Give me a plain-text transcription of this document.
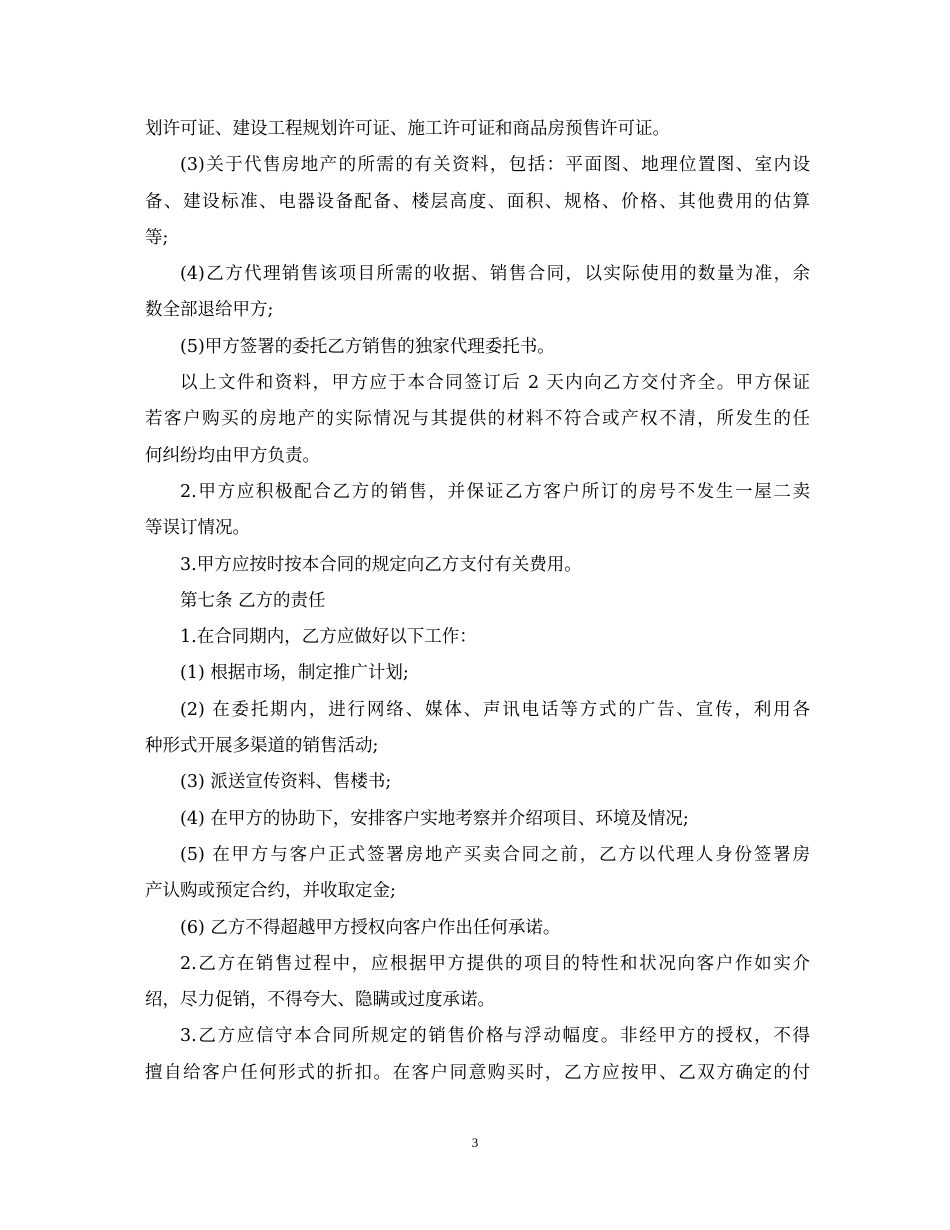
划许可证、建设工程规划许可证、施工许可证和商品房预售许可证。
(3)关于代售房地产的所需的有关资料，包括：平面图、地理位置图、室内设
备、建设标准、电器设备配备、楼层高度、面积、规格、价格、其他费用的估算
等;
(4)乙方代理销售该项目所需的收据、销售合同，以实际使用的数量为准，余
数全部退给甲方;
(5)甲方签署的委托乙方销售的独家代理委托书。
以上文件和资料，甲方应于本合同签订后 2 天内向乙方交付齐全。甲方保证
若客户购买的房地产的实际情况与其提供的材料不符合或产权不清，所发生的任
何纠纷均由甲方负责。
2.甲方应积极配合乙方的销售，并保证乙方客户所订的房号不发生一屋二卖
等误订情况。
3.甲方应按时按本合同的规定向乙方支付有关费用。
第七条 乙方的责任
1.在合同期内，乙方应做好以下工作：
(1) 根据市场，制定推广计划;
(2) 在委托期内，进行网络、媒体、声讯电话等方式的广告、宣传，利用各
种形式开展多渠道的销售活动;
(3) 派送宣传资料、售楼书;
(4) 在甲方的协助下，安排客户实地考察并介绍项目、环境及情况;
(5) 在甲方与客户正式签署房地产买卖合同之前，乙方以代理人身份签署房
产认购或预定合约，并收取定金;
(6) 乙方不得超越甲方授权向客户作出任何承诺。
2.乙方在销售过程中，应根据甲方提供的项目的特性和状况向客户作如实介
绍，尽力促销，不得夸大、隐瞒或过度承诺。
3.乙方应信守本合同所规定的销售价格与浮动幅度。非经甲方的授权，不得
擅自给客户任何形式的折扣。在客户同意购买时，乙方应按甲、乙双方确定的付
3
